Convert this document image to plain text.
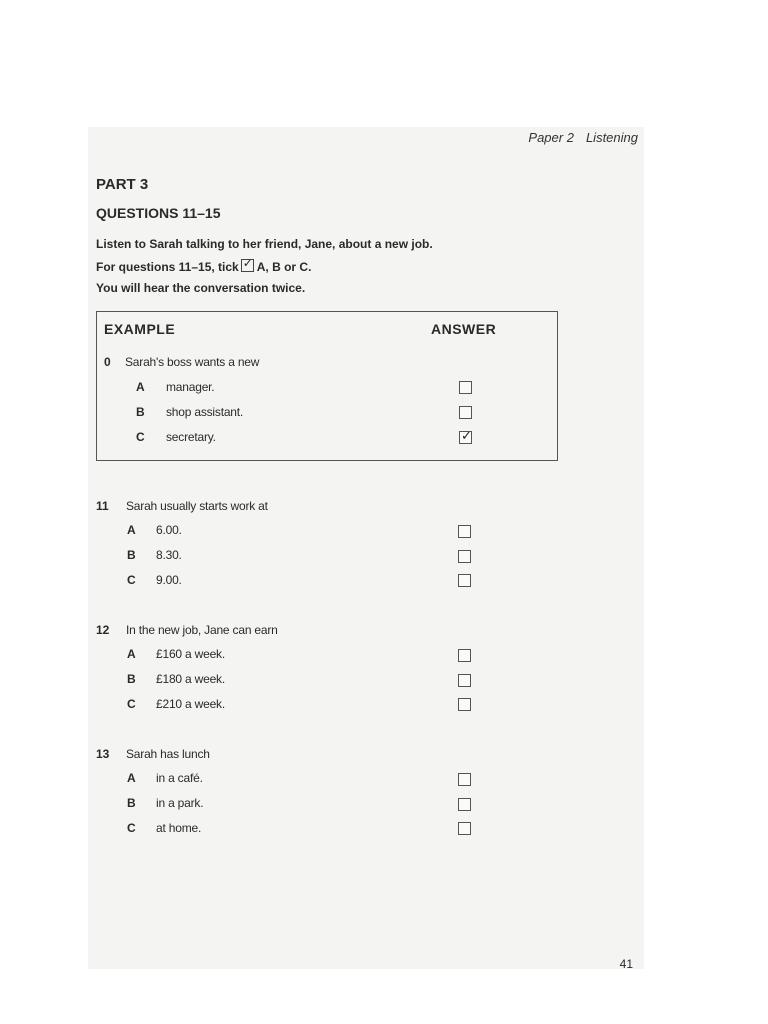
Paper 2 Listening
PART 3
QUESTIONS 11–15
Listen to Sarah talking to her friend, Jane, about a new job.
For questions 11–15, tick ✓ A, B or C.
You will hear the conversation twice.
EXAMPLE	ANSWER
0 Sarah's boss wants a new
A manager.
B shop assistant.
C secretary.	✓
11 Sarah usually starts work at
A 6.00.
B 8.30.
C 9.00.
12 In the new job, Jane can earn
A £160 a week.
B £180 a week.
C £210 a week.
13 Sarah has lunch
A in a café.
B in a park.
C at home.
41
